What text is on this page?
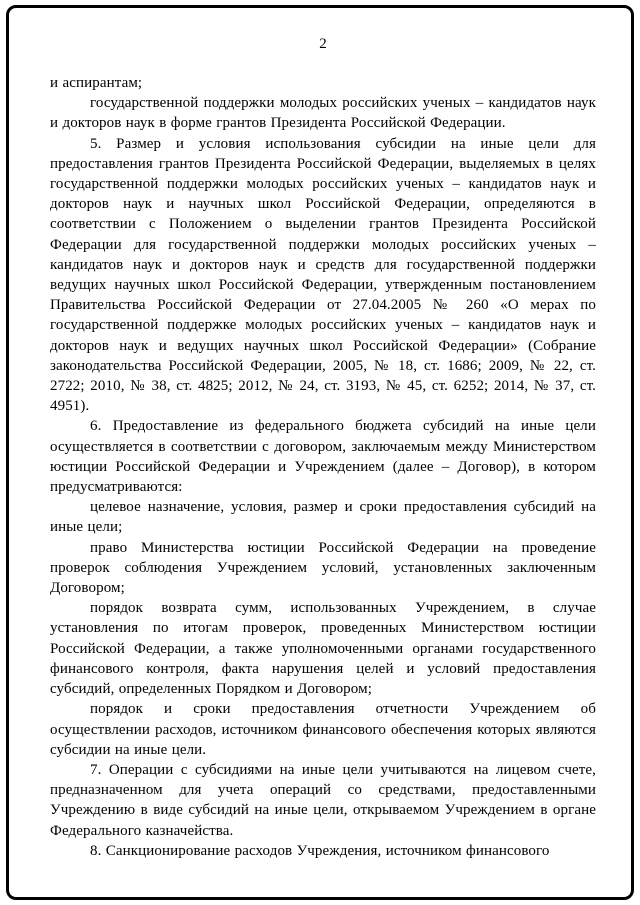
2

и аспирантам;

государственной поддержки молодых российских ученых – кандидатов наук и докторов наук в форме грантов Президента Российской Федерации.

5. Размер и условия использования субсидии на иные цели для предоставления грантов Президента Российской Федерации, выделяемых в целях государственной поддержки молодых российских ученых – кандидатов наук и докторов наук и научных школ Российской Федерации, определяются в соответствии с Положением о выделении грантов Президента Российской Федерации для государственной поддержки молодых российских ученых – кандидатов наук и докторов наук и средств для государственной поддержки ведущих научных школ Российской Федерации, утвержденным постановлением Правительства Российской Федерации от 27.04.2005 № 260 «О мерах по государственной поддержке молодых российских ученых – кандидатов наук и докторов наук и ведущих научных школ Российской Федерации» (Собрание законодательства Российской Федерации, 2005, № 18, ст. 1686; 2009, № 22, ст. 2722; 2010, № 38, ст. 4825; 2012, № 24, ст. 3193, № 45, ст. 6252; 2014, № 37, ст. 4951).

6. Предоставление из федерального бюджета субсидий на иные цели осуществляется в соответствии с договором, заключаемым между Министерством юстиции Российской Федерации и Учреждением (далее – Договор), в котором предусматриваются:

целевое назначение, условия, размер и сроки предоставления субсидий на иные цели;

право Министерства юстиции Российской Федерации на проведение проверок соблюдения Учреждением условий, установленных заключенным Договором;

порядок возврата сумм, использованных Учреждением, в случае установления по итогам проверок, проведенных Министерством юстиции Российской Федерации, а также уполномоченными органами государственного финансового контроля, факта нарушения целей и условий предоставления субсидий, определенных Порядком и Договором;

порядок и сроки предоставления отчетности Учреждением об осуществлении расходов, источником финансового обеспечения которых являются субсидии на иные цели.

7. Операции с субсидиями на иные цели учитываются на лицевом счете, предназначенном для учета операций со средствами, предоставленными Учреждению в виде субсидий на иные цели, открываемом Учреждением в органе Федерального казначейства.

8. Санкционирование расходов Учреждения, источником финансового
